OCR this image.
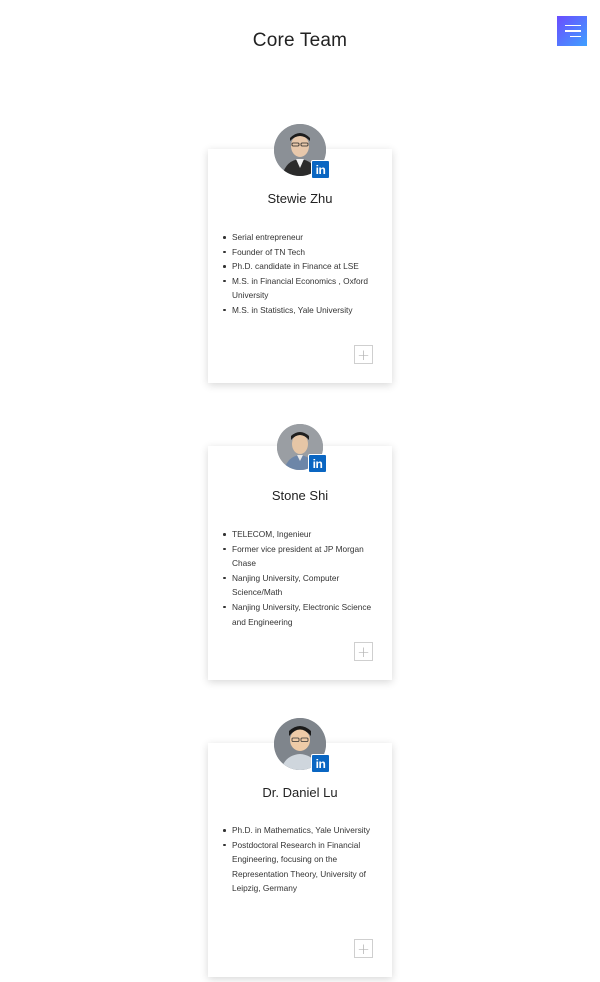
Core Team
Stewie Zhu
Serial entrepreneur
Founder of TN Tech
Ph.D. candidate in Finance at LSE
M.S. in Financial Economics , Oxford University
M.S. in Statistics, Yale University
+
in
Stone Shi
TELECOM, Ingenieur
Former vice president at JP Morgan Chase
Nanjing University, Computer Science/Math
Nanjing University, Electronic Science and Engineering
+
in
Dr. Daniel Lu
Ph.D. in Mathematics, Yale University
Postdoctoral Research in Financial Engineering, focusing on the Representation Theory, University of Leipzig, Germany
+
in
